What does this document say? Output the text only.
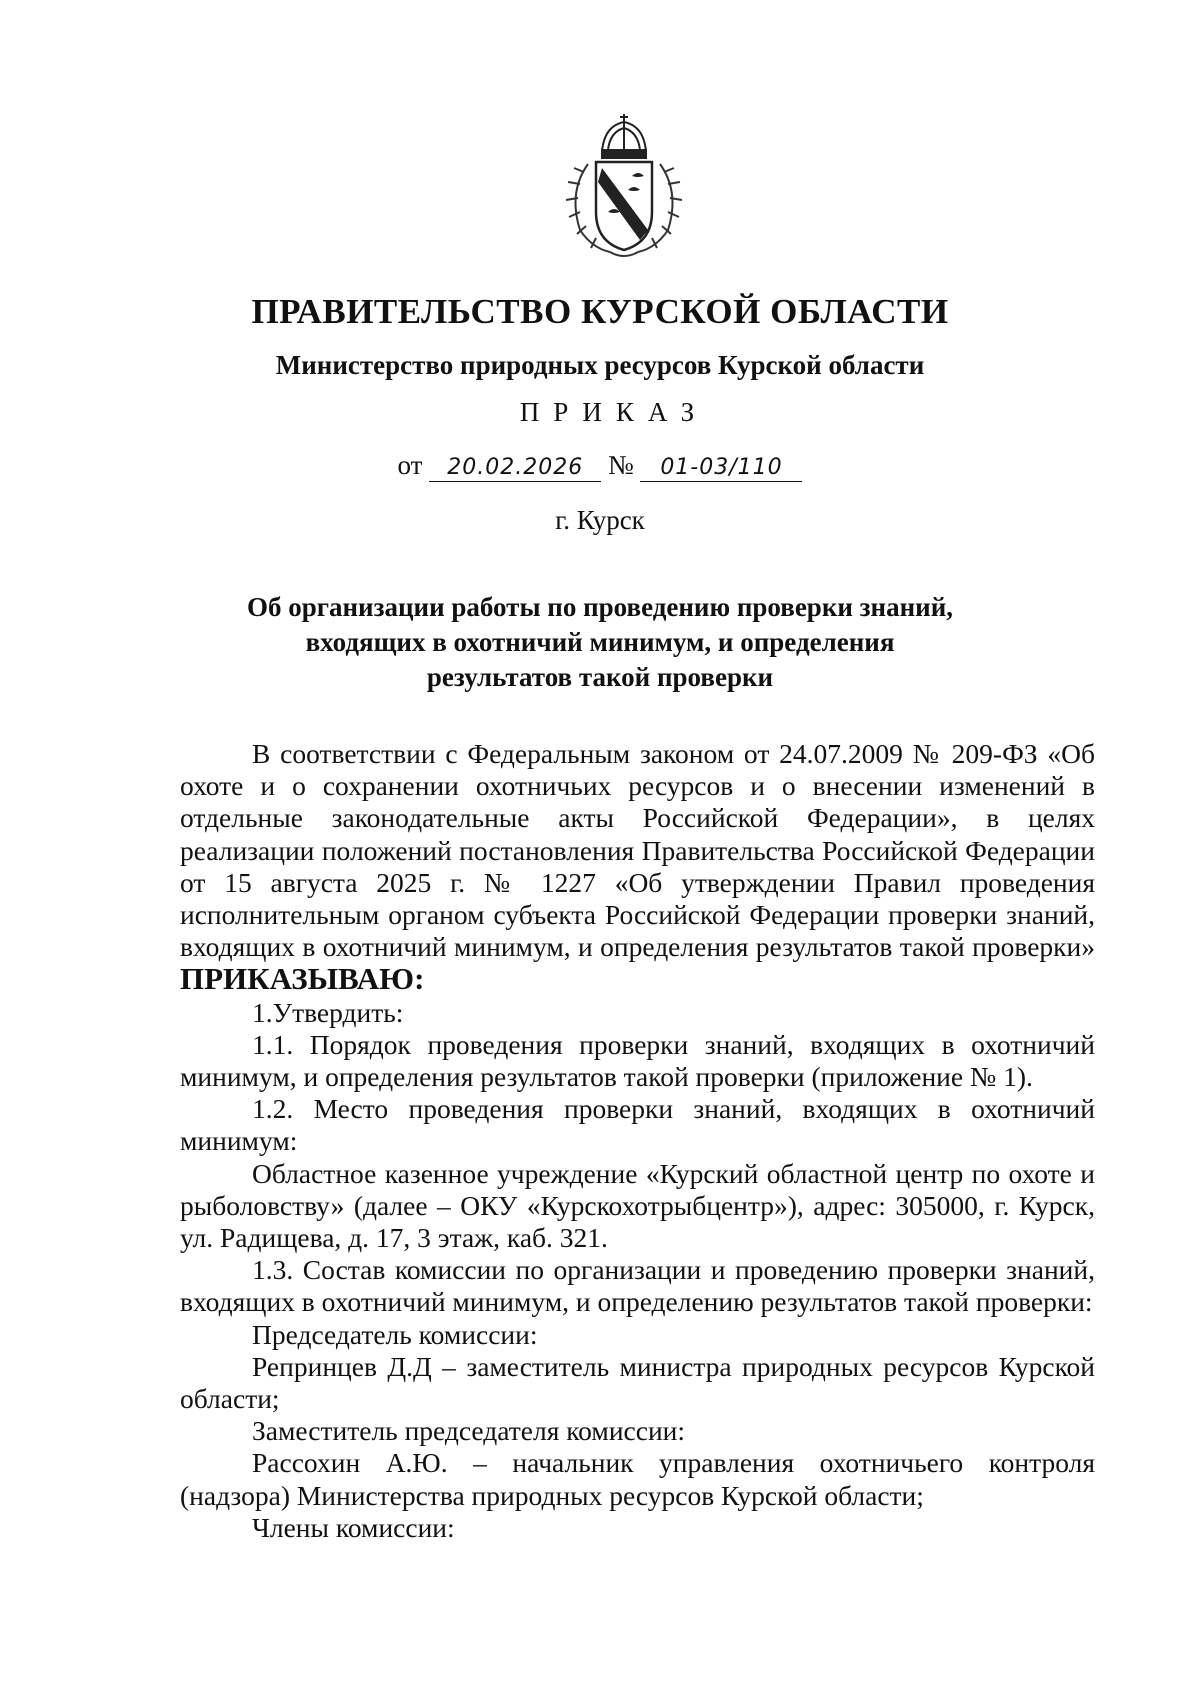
ПРАВИТЕЛЬСТВО КУРСКОЙ ОБЛАСТИ
Министерство природных ресурсов Курской области
ПРИКАЗ
от 20.02.2026 № 01-03/110
г. Курск
Об организации работы по проведению проверки знаний,
входящих в охотничий минимум, и определения
результатов такой проверки

В соответствии с Федеральным законом от 24.07.2009 № 209-ФЗ «Об охоте и о сохранении охотничьих ресурсов и о внесении изменений в отдельные законодательные акты Российской Федерации», в целях реализации положений постановления Правительства Российской Федерации от 15 августа 2025 г. № 1227 «Об утверждении Правил проведения исполнительным органом субъекта Российской Федерации проверки знаний, входящих в охотничий минимум, и определения результатов такой проверки» ПРИКАЗЫВАЮ:

1.Утвердить:

1.1. Порядок проведения проверки знаний, входящих в охотничий минимум, и определения результатов такой проверки (приложение № 1).

1.2. Место проведения проверки знаний, входящих в охотничий минимум:

Областное казенное учреждение «Курский областной центр по охоте и рыболовству» (далее – ОКУ «Курскохотрыбцентр»), адрес: 305000, г. Курск, ул. Радищева, д. 17, 3 этаж, каб. 321.

1.3. Состав комиссии по организации и проведению проверки знаний, входящих в охотничий минимум, и определению результатов такой проверки:

Председатель комиссии:

Репринцев Д.Д – заместитель министра природных ресурсов Курской области;

Заместитель председателя комиссии:

Рассохин А.Ю. – начальник управления охотничьего контроля (надзора) Министерства природных ресурсов Курской области;

Члены комиссии:
